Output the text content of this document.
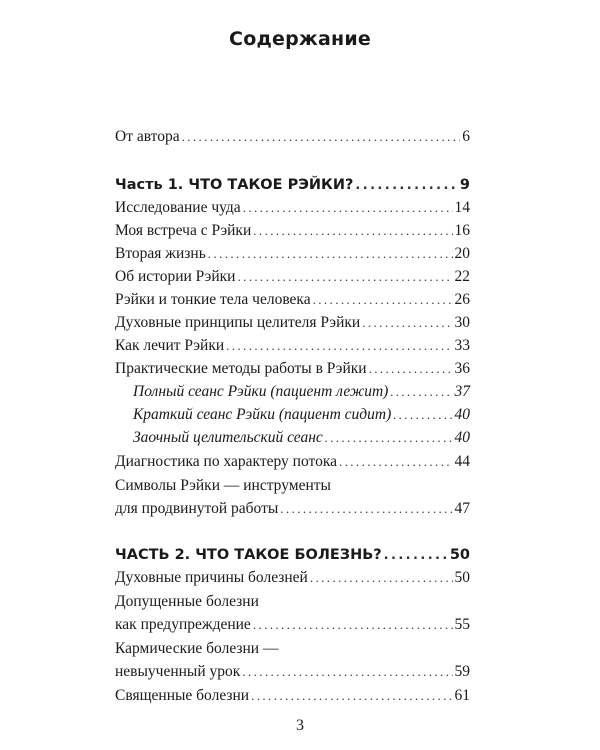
Содержание
От автора .....	6
Часть 1. ЧТО ТАКОЕ РЭЙКИ? .....	9
Исследование чуда .....	14
Моя встреча с Рэйки .....	16
Вторая жизнь .....	20
Об истории Рэйки .....	22
Рэйки и тонкие тела человека .....	26
Духовные принципы целителя Рэйки .....	30
Как лечит Рэйки .....	33
Практические методы работы в Рэйки .....	36
Полный сеанс Рэйки (пациент лежит) .....	37
Краткий сеанс Рэйки (пациент сидит) .....	40
Заочный целительский сеанс .....	40
Диагностика по характеру потока .....	44
Символы Рэйки — инструменты
для продвинутой работы .....	47
ЧАСТЬ 2. ЧТО ТАКОЕ БОЛЕЗНЬ? .....	50
Духовные причины болезней .....	50
Допущенные болезни
как предупреждение .....	55
Кармические болезни —
невыученный урок .....	59
Священные болезни .....	61
3
